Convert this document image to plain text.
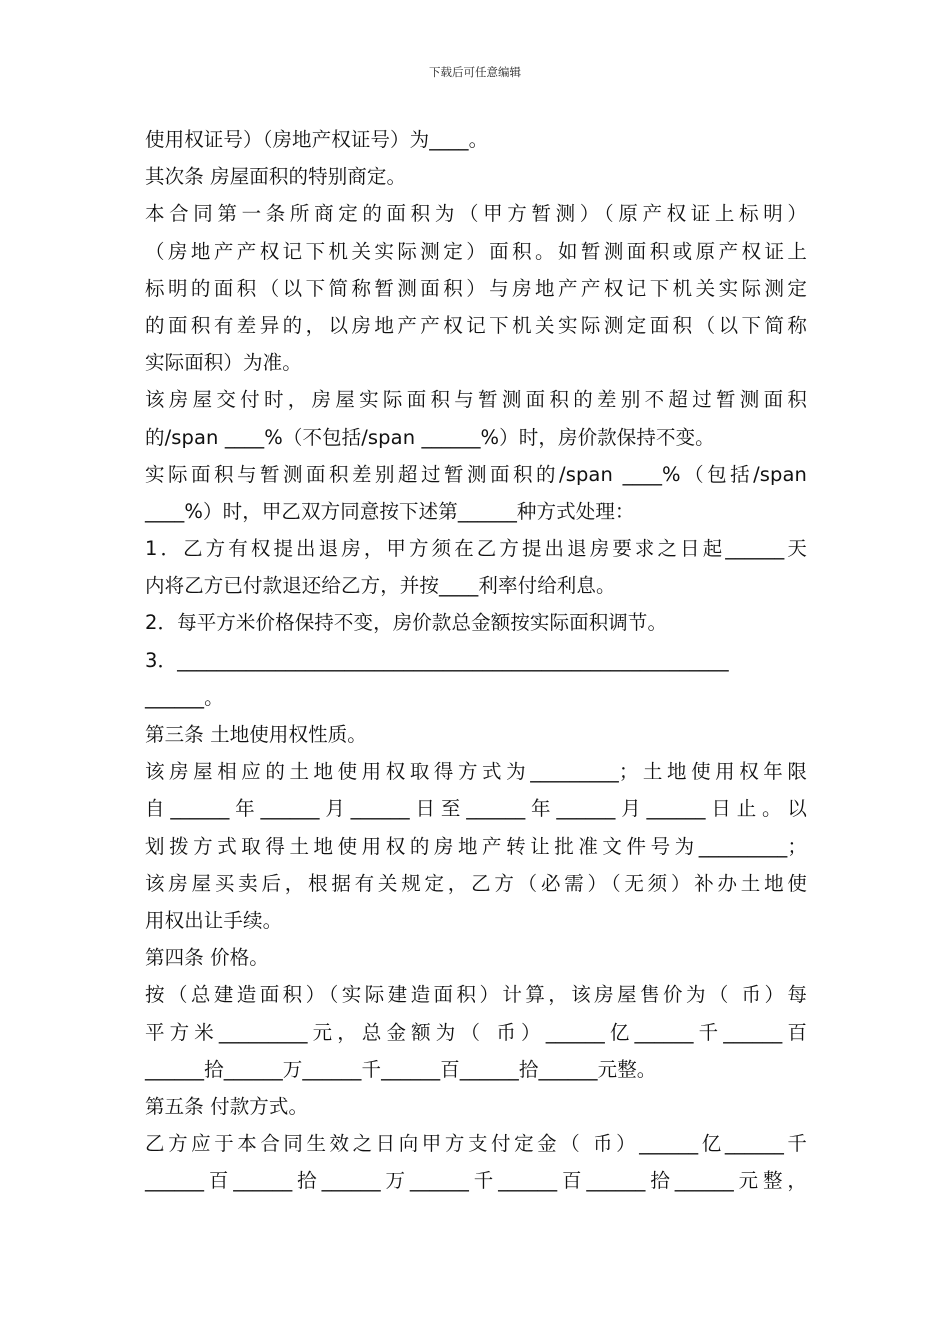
下载后可任意编辑
使用权证号）（房地产权证号）为____。
其次条 房屋面积的特别商定。
本合同第一条所商定的面积为（甲方暂测）（原产权证上标明）
（房地产产权记下机关实际测定）面积。如暂测面积或原产权证上
标明的面积（以下简称暂测面积）与房地产产权记下机关实际测定
的面积有差异的，以房地产产权记下机关实际测定面积（以下简称
实际面积）为准。
该房屋交付时，房屋实际面积与暂测面积的差别不超过暂测面积
的/span ____%（不包括/span ______%）时，房价款保持不变。
实际面积与暂测面积差别超过暂测面积的/span ____%（包括/span
____%）时，甲乙双方同意按下述第______种方式处理：
1．乙方有权提出退房，甲方须在乙方提出退房要求之日起______天
内将乙方已付款退还给乙方，并按____利率付给利息。
2．每平方米价格保持不变，房价款总金额按实际面积调节。
3．________________________________________________________
______。
第三条 土地使用权性质。
该房屋相应的土地使用权取得方式为_________；土地使用权年限
自______年______月______日至______年______月______日止。以
划拨方式取得土地使用权的房地产转让批准文件号为_________；
该房屋买卖后，根据有关规定，乙方（必需）（无须）补办土地使
用权出让手续。
第四条 价格。
按（总建造面积）（实际建造面积）计算，该房屋售价为（ 币）每
平方米_________元，总金额为（ 币）______亿______千______百
______拾______万______千______百______拾______元整。
第五条 付款方式。
乙方应于本合同生效之日向甲方支付定金（ 币）______亿______千
______百______拾______万______千______百______拾______元整，
